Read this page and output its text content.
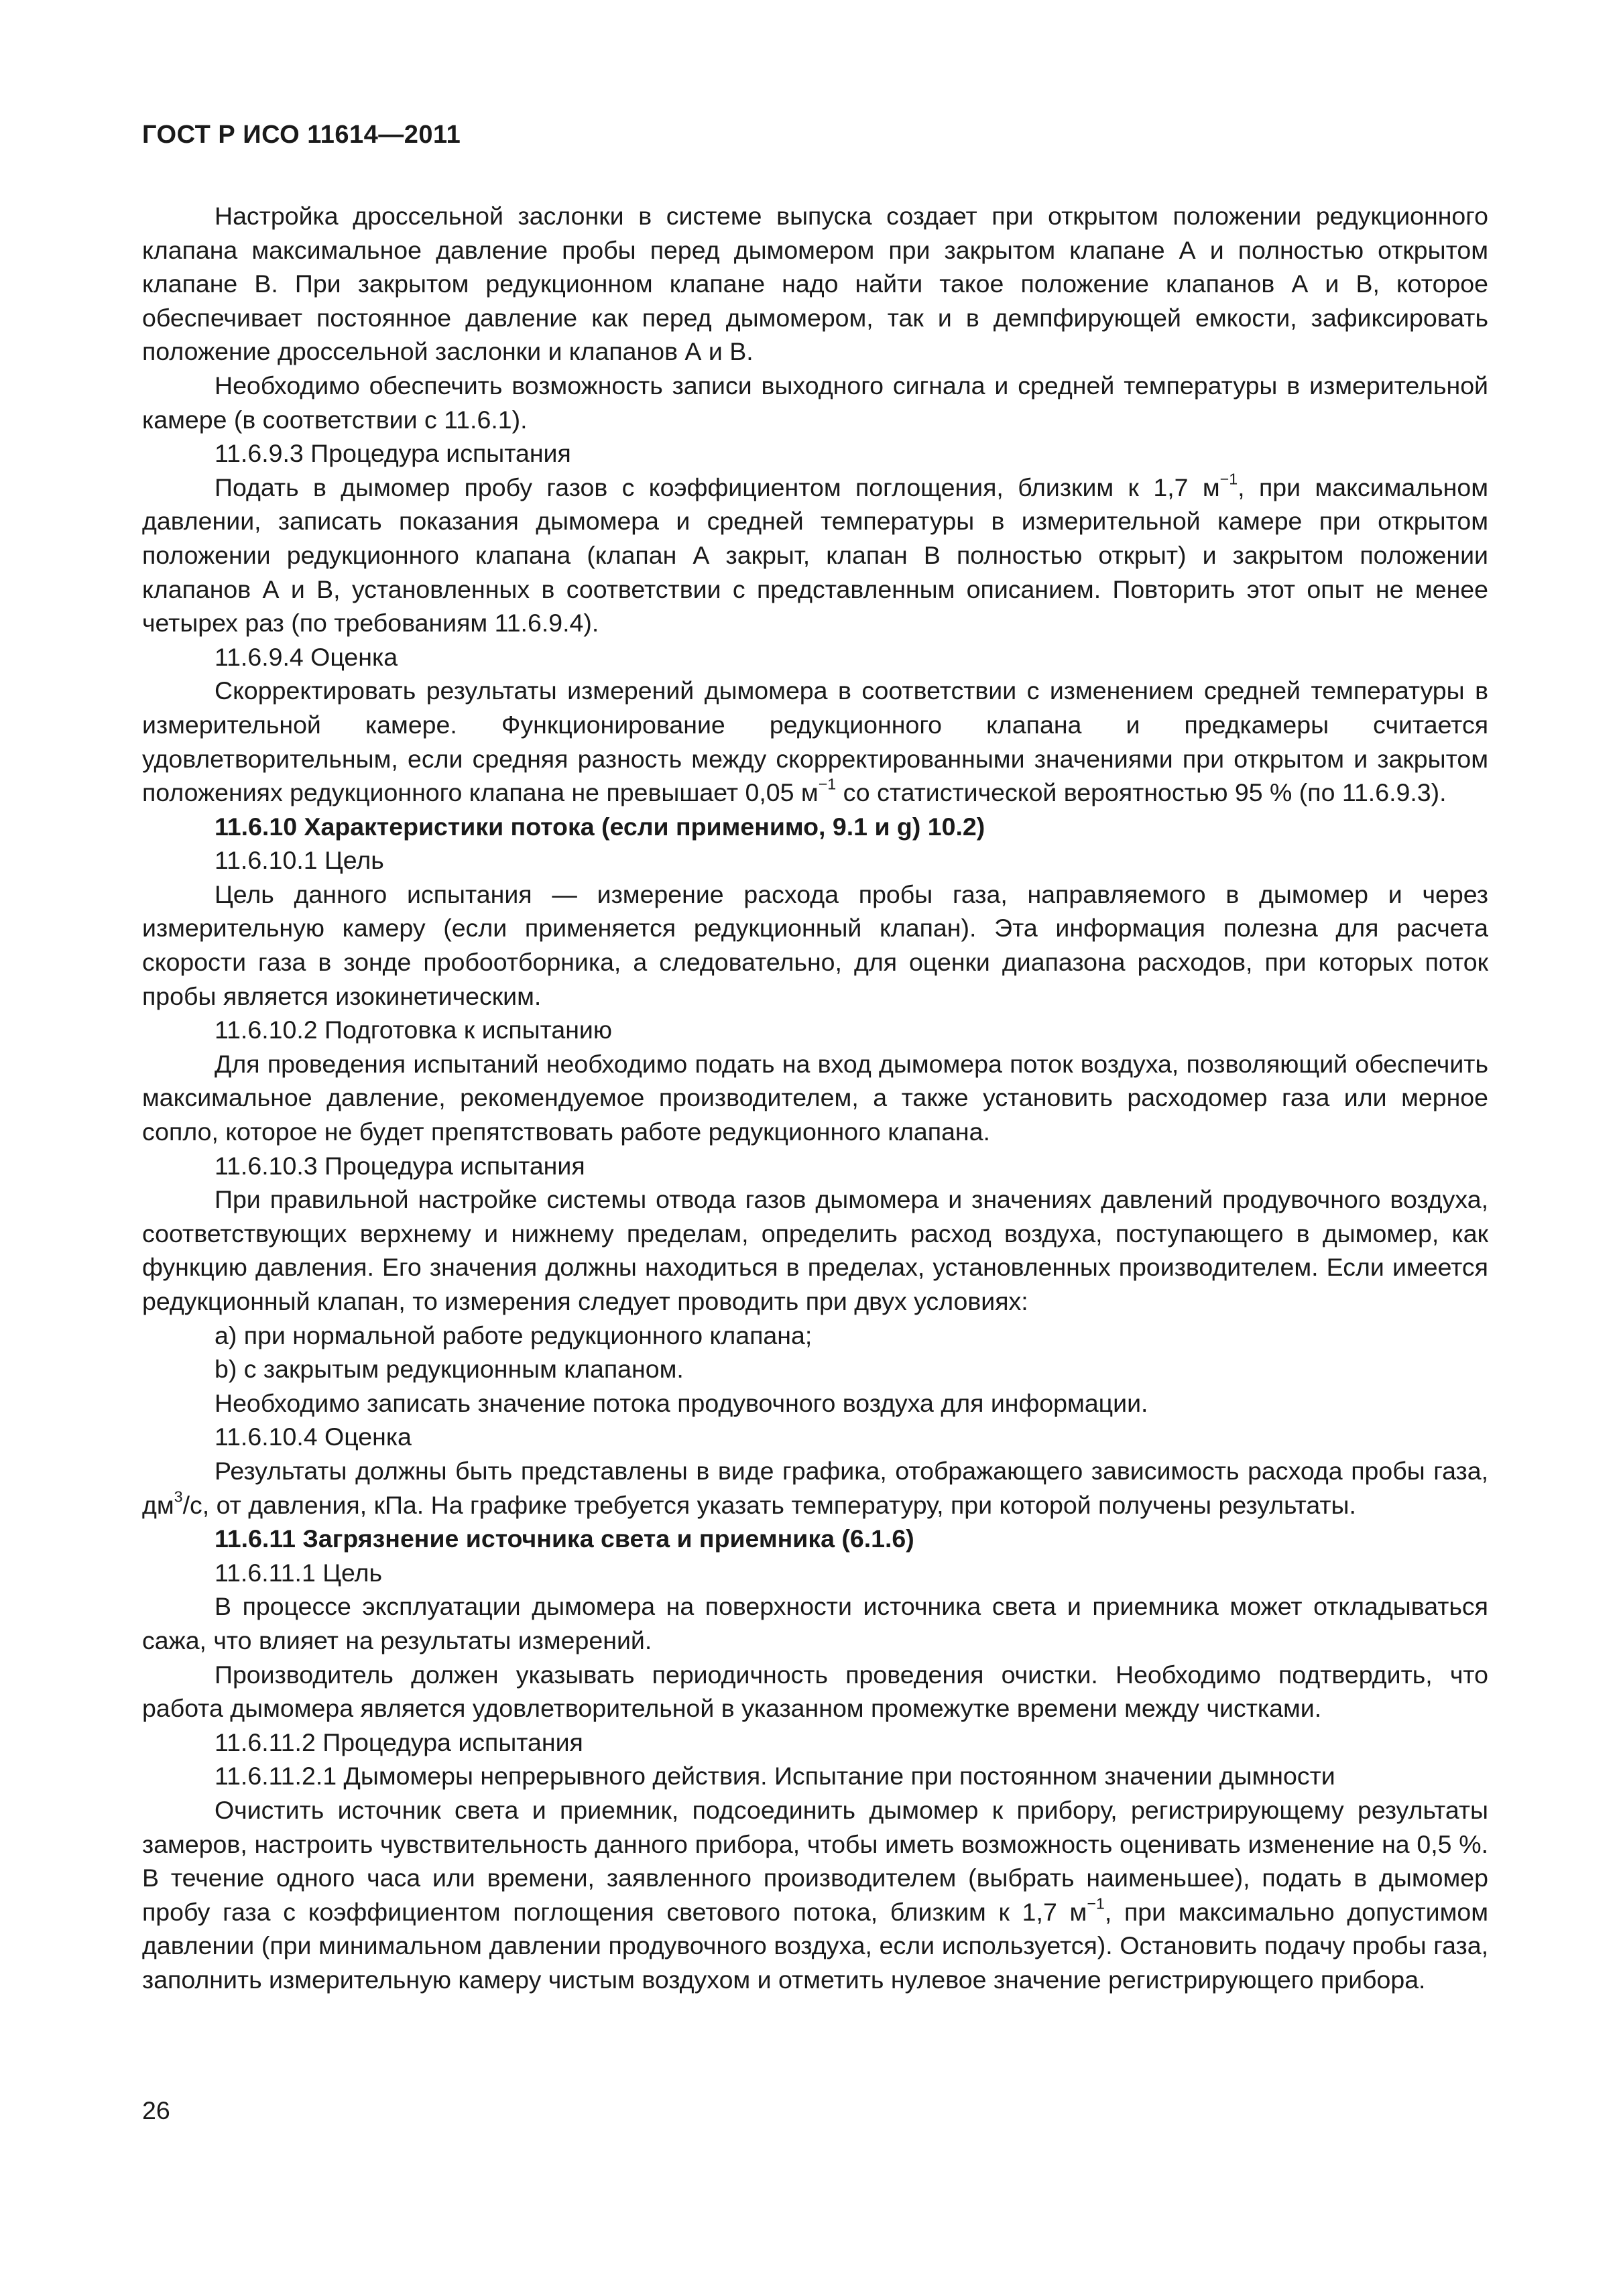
ГОСТ Р ИСО 11614—2011

Настройка дроссельной заслонки в системе выпуска создает при открытом положении редукционного клапана максимальное давление пробы перед дымомером при закрытом клапане А и полностью открытом клапане В. При закрытом редукционном клапане надо найти такое положение клапанов А и В, которое обеспечивает постоянное давление как перед дымомером, так и в демпфирующей емкости, зафиксировать положение дроссельной заслонки и клапанов А и В.

Необходимо обеспечить возможность записи выходного сигнала и средней температуры в измерительной камере (в соответствии с 11.6.1).

11.6.9.3 Процедура испытания

Подать в дымомер пробу газов с коэффициентом поглощения, близким к 1,7 $м^{-1}$, при максимальном давлении, записать показания дымомера и средней температуры в измерительной камере при открытом положении редукционного клапана (клапан А закрыт, клапан В полностью открыт) и закрытом положении клапанов А и В, установленных в соответствии с представленным описанием. Повторить этот опыт не менее четырех раз (по требованиям 11.6.9.4).

11.6.9.4 Оценка

Скорректировать результаты измерений дымомера в соответствии с изменением средней температуры в измерительной камере. Функционирование редукционного клапана и предкамеры считается удовлетворительным, если средняя разность между скорректированными значениями при открытом и закрытом положениях редукционного клапана не превышает 0,05 $м^{-1}$ со статистической вероятностью 95 % (по 11.6.9.3).

11.6.10 Характеристики потока (если применимо, 9.1 и g) 10.2)

11.6.10.1 Цель

Цель данного испытания — измерение расхода пробы газа, направляемого в дымомер и через измерительную камеру (если применяется редукционный клапан). Эта информация полезна для расчета скорости газа в зонде пробоотборника, а следовательно, для оценки диапазона расходов, при которых поток пробы является изокинетическим.

11.6.10.2 Подготовка к испытанию

Для проведения испытаний необходимо подать на вход дымомера поток воздуха, позволяющий обеспечить максимальное давление, рекомендуемое производителем, а также установить расходомер газа или мерное сопло, которое не будет препятствовать работе редукционного клапана.

11.6.10.3 Процедура испытания

При правильной настройке системы отвода газов дымомера и значениях давлений продувочного воздуха, соответствующих верхнему и нижнему пределам, определить расход воздуха, поступающего в дымомер, как функцию давления. Его значения должны находиться в пределах, установленных производителем. Если имеется редукционный клапан, то измерения следует проводить при двух условиях:

а) при нормальной работе редукционного клапана;

b) с закрытым редукционным клапаном.

Необходимо записать значение потока продувочного воздуха для информации.

11.6.10.4 Оценка

Результаты должны быть представлены в виде графика, отображающего зависимость расхода пробы газа, $дм^3/с$, от давления, кПа. На графике требуется указать температуру, при которой получены результаты.

11.6.11 Загрязнение источника света и приемника (6.1.6)

11.6.11.1 Цель

В процессе эксплуатации дымомера на поверхности источника света и приемника может откладываться сажа, что влияет на результаты измерений.

Производитель должен указывать периодичность проведения очистки. Необходимо подтвердить, что работа дымомера является удовлетворительной в указанном промежутке времени между чистками.

11.6.11.2 Процедура испытания

11.6.11.2.1 Дымомеры непрерывного действия. Испытание при постоянном значении дымности

Очистить источник света и приемник, подсоединить дымомер к прибору, регистрирующему результаты замеров, настроить чувствительность данного прибора, чтобы иметь возможность оценивать изменение на 0,5 %. В течение одного часа или времени, заявленного производителем (выбрать наименьшее), подать в дымомер пробу газа с коэффициентом поглощения светового потока, близким к 1,7 $м^{-1}$, при максимально допустимом давлении (при минимальном давлении продувочного воздуха, если используется). Остановить подачу пробы газа, заполнить измерительную камеру чистым воздухом и отметить нулевое значение регистрирующего прибора.

26
